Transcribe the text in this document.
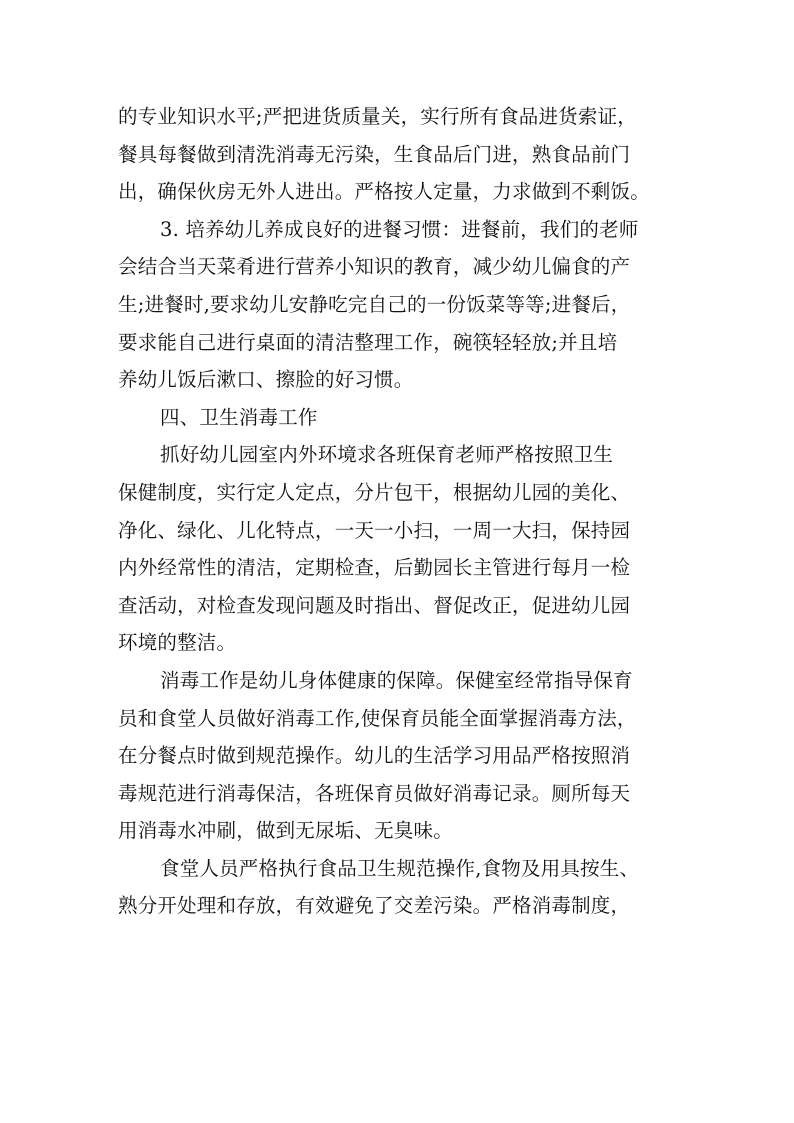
的专业知识水平;严把进货质量关，实行所有食品进货索证，
餐具每餐做到清洗消毒无污染，生食品后门进，熟食品前门
出，确保伙房无外人进出。严格按人定量，力求做到不剩饭。
3. 培养幼儿养成良好的进餐习惯：进餐前，我们的老师
会结合当天菜肴进行营养小知识的教育，减少幼儿偏食的产
生;进餐时,要求幼儿安静吃完自己的一份饭菜等等;进餐后，
要求能自己进行桌面的清洁整理工作，碗筷轻轻放;并且培
养幼儿饭后漱口、擦脸的好习惯。
四、卫生消毒工作
抓好幼儿园室内外环境求各班保育老师严格按照卫生
保健制度，实行定人定点，分片包干，根据幼儿园的美化、
净化、绿化、儿化特点，一天一小扫，一周一大扫，保持园
内外经常性的清洁，定期检查，后勤园长主管进行每月一检
查活动，对检查发现问题及时指出、督促改正，促进幼儿园
环境的整洁。
消毒工作是幼儿身体健康的保障。保健室经常指导保育
员和食堂人员做好消毒工作,使保育员能全面掌握消毒方法，
在分餐点时做到规范操作。幼儿的生活学习用品严格按照消
毒规范进行消毒保洁，各班保育员做好消毒记录。厕所每天
用消毒水冲刷，做到无尿垢、无臭味。
食堂人员严格执行食品卫生规范操作,食物及用具按生、
熟分开处理和存放，有效避免了交差污染。严格消毒制度，
